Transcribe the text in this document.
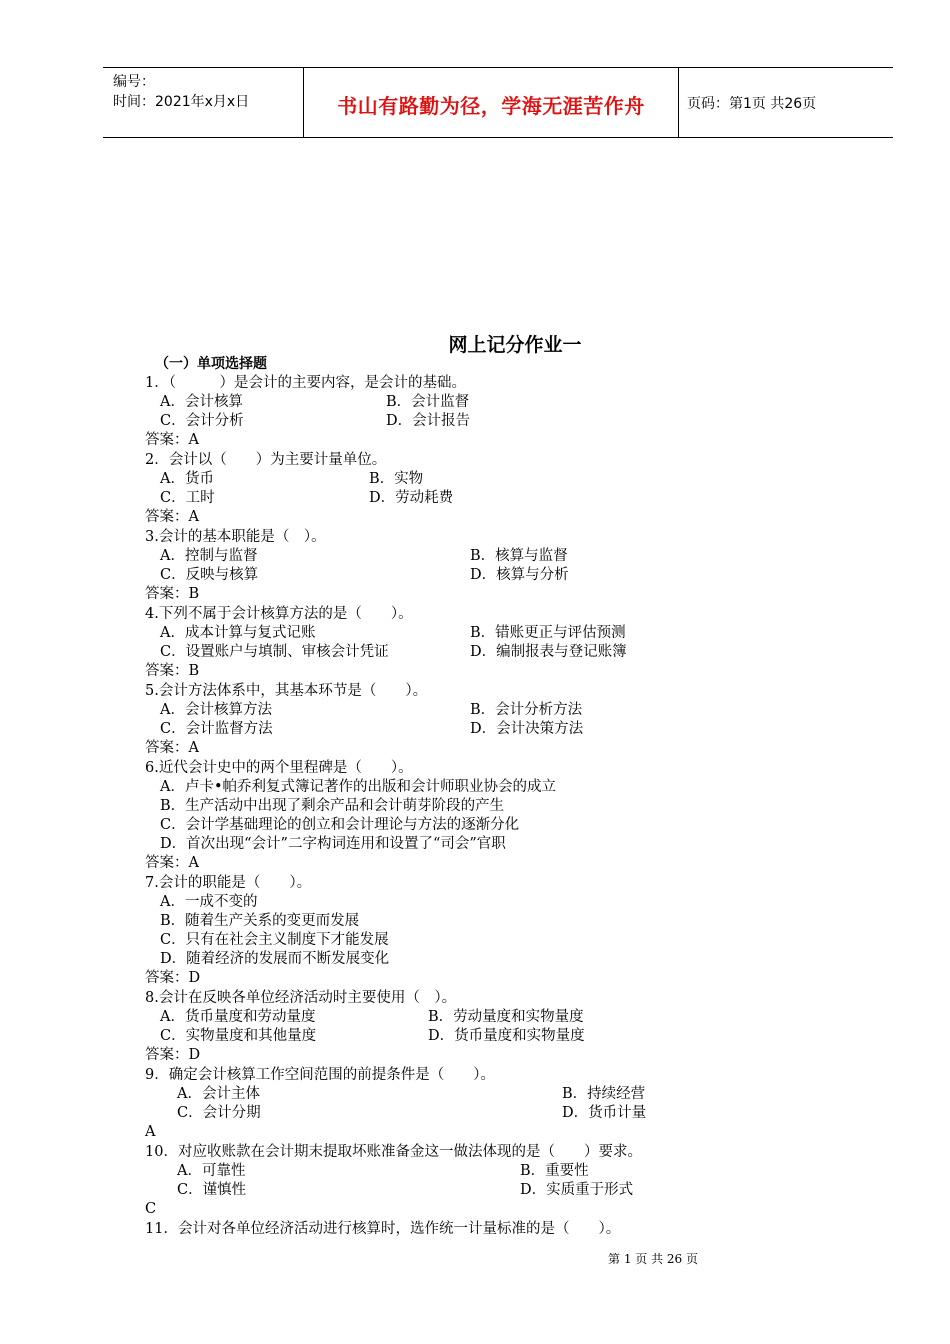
编号：
时间：2021年x月x日	书山有路勤为径，学海无涯苦作舟	页码：第1页 共26页
网上记分作业一
（一）单项选择题
1．（　　　）是会计的主要内容，是会计的基础。
A．会计核算	B．会计监督
C．会计分析	D．会计报告
答案：A
2．会计以（　　）为主要计量单位。
A．货币	B．实物
C．工时	D．劳动耗费
答案：A
3.会计的基本职能是（　）。
A．控制与监督	B．核算与监督
C．反映与核算	D．核算与分析
答案：B
4.下列不属于会计核算方法的是（　　）。
A．成本计算与复式记账	B．错账更正与评估预测
C．设置账户与填制、审核会计凭证	D．编制报表与登记账簿
答案：B
5.会计方法体系中，其基本环节是（　　）。
A．会计核算方法	B．会计分析方法
C．会计监督方法	D．会计决策方法
答案：A
6.近代会计史中的两个里程碑是（　　）。
A．卢卡•帕乔利复式簿记著作的出版和会计师职业协会的成立
B．生产活动中出现了剩余产品和会计萌芽阶段的产生
C．会计学基础理论的创立和会计理论与方法的逐渐分化
D．首次出现“会计”二字构词连用和设置了“司会”官职
答案：A
7.会计的职能是（　　）。
A．一成不变的
B．随着生产关系的变更而发展
C．只有在社会主义制度下才能发展
D．随着经济的发展而不断发展变化
答案：D
8.会计在反映各单位经济活动时主要使用（　）。
A．货币量度和劳动量度	B．劳动量度和实物量度
C．实物量度和其他量度	D．货币量度和实物量度
答案：D
9．确定会计核算工作空间范围的前提条件是（　　）。
A．会计主体	B．持续经营
C．会计分期	D．货币计量
A
10．对应收账款在会计期末提取坏账准备金这一做法体现的是（　　）要求。
A．可靠性	B．重要性
C．谨慎性	D．实质重于形式
C
11．会计对各单位经济活动进行核算时，选作统一计量标准的是（　　）。
第 1 页 共 26 页
